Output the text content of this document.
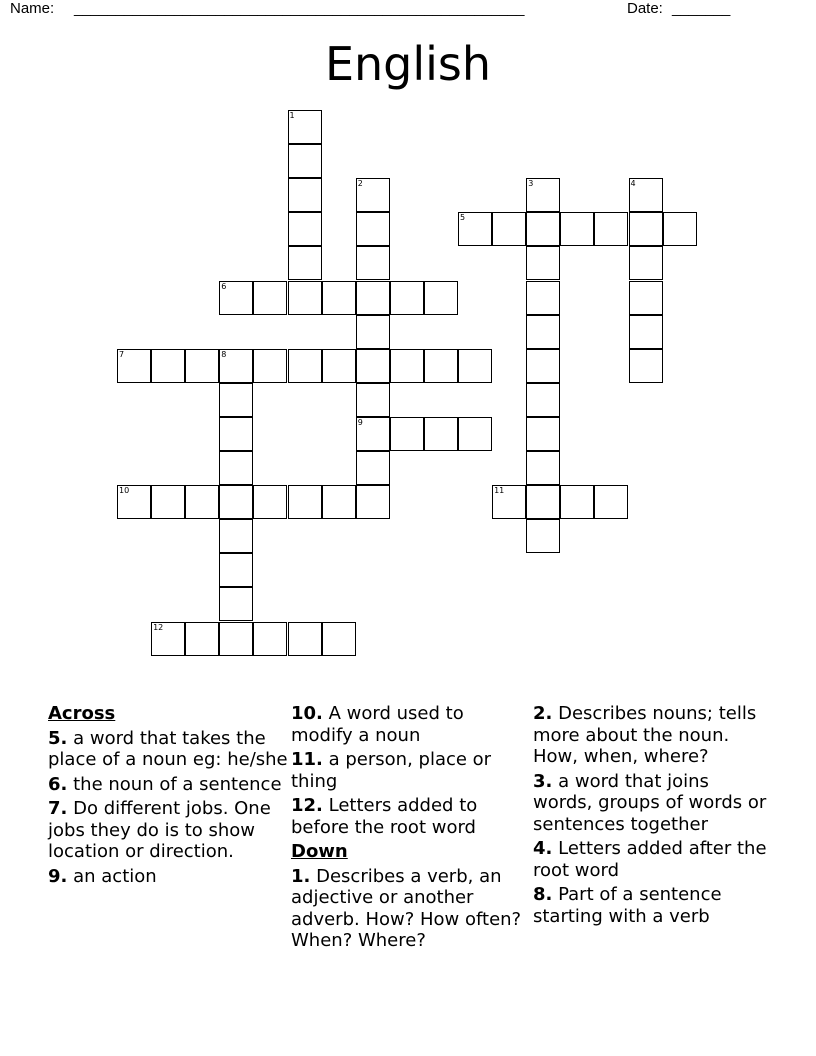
Name: ______________________________________________________	Date: _______
English
1
2
9
3	4
5
6
7	8
10	11
12
Across
5. a word that takes the place of a noun eg: he/she
6. the noun of a sentence
7. Do different jobs. One jobs they do is to show location or direction.
9. an action
10. A word used to modify a noun
11. a person, place or thing
12. Letters added to before the root word
Down
1. Describes a verb, an adjective or another adverb. How? How often? When? Where?
2. Describes nouns; tells more about the noun. How, when, where?
3. a word that joins words, groups of words or sentences together
4. Letters added after the root word
8. Part of a sentence starting with a verb
